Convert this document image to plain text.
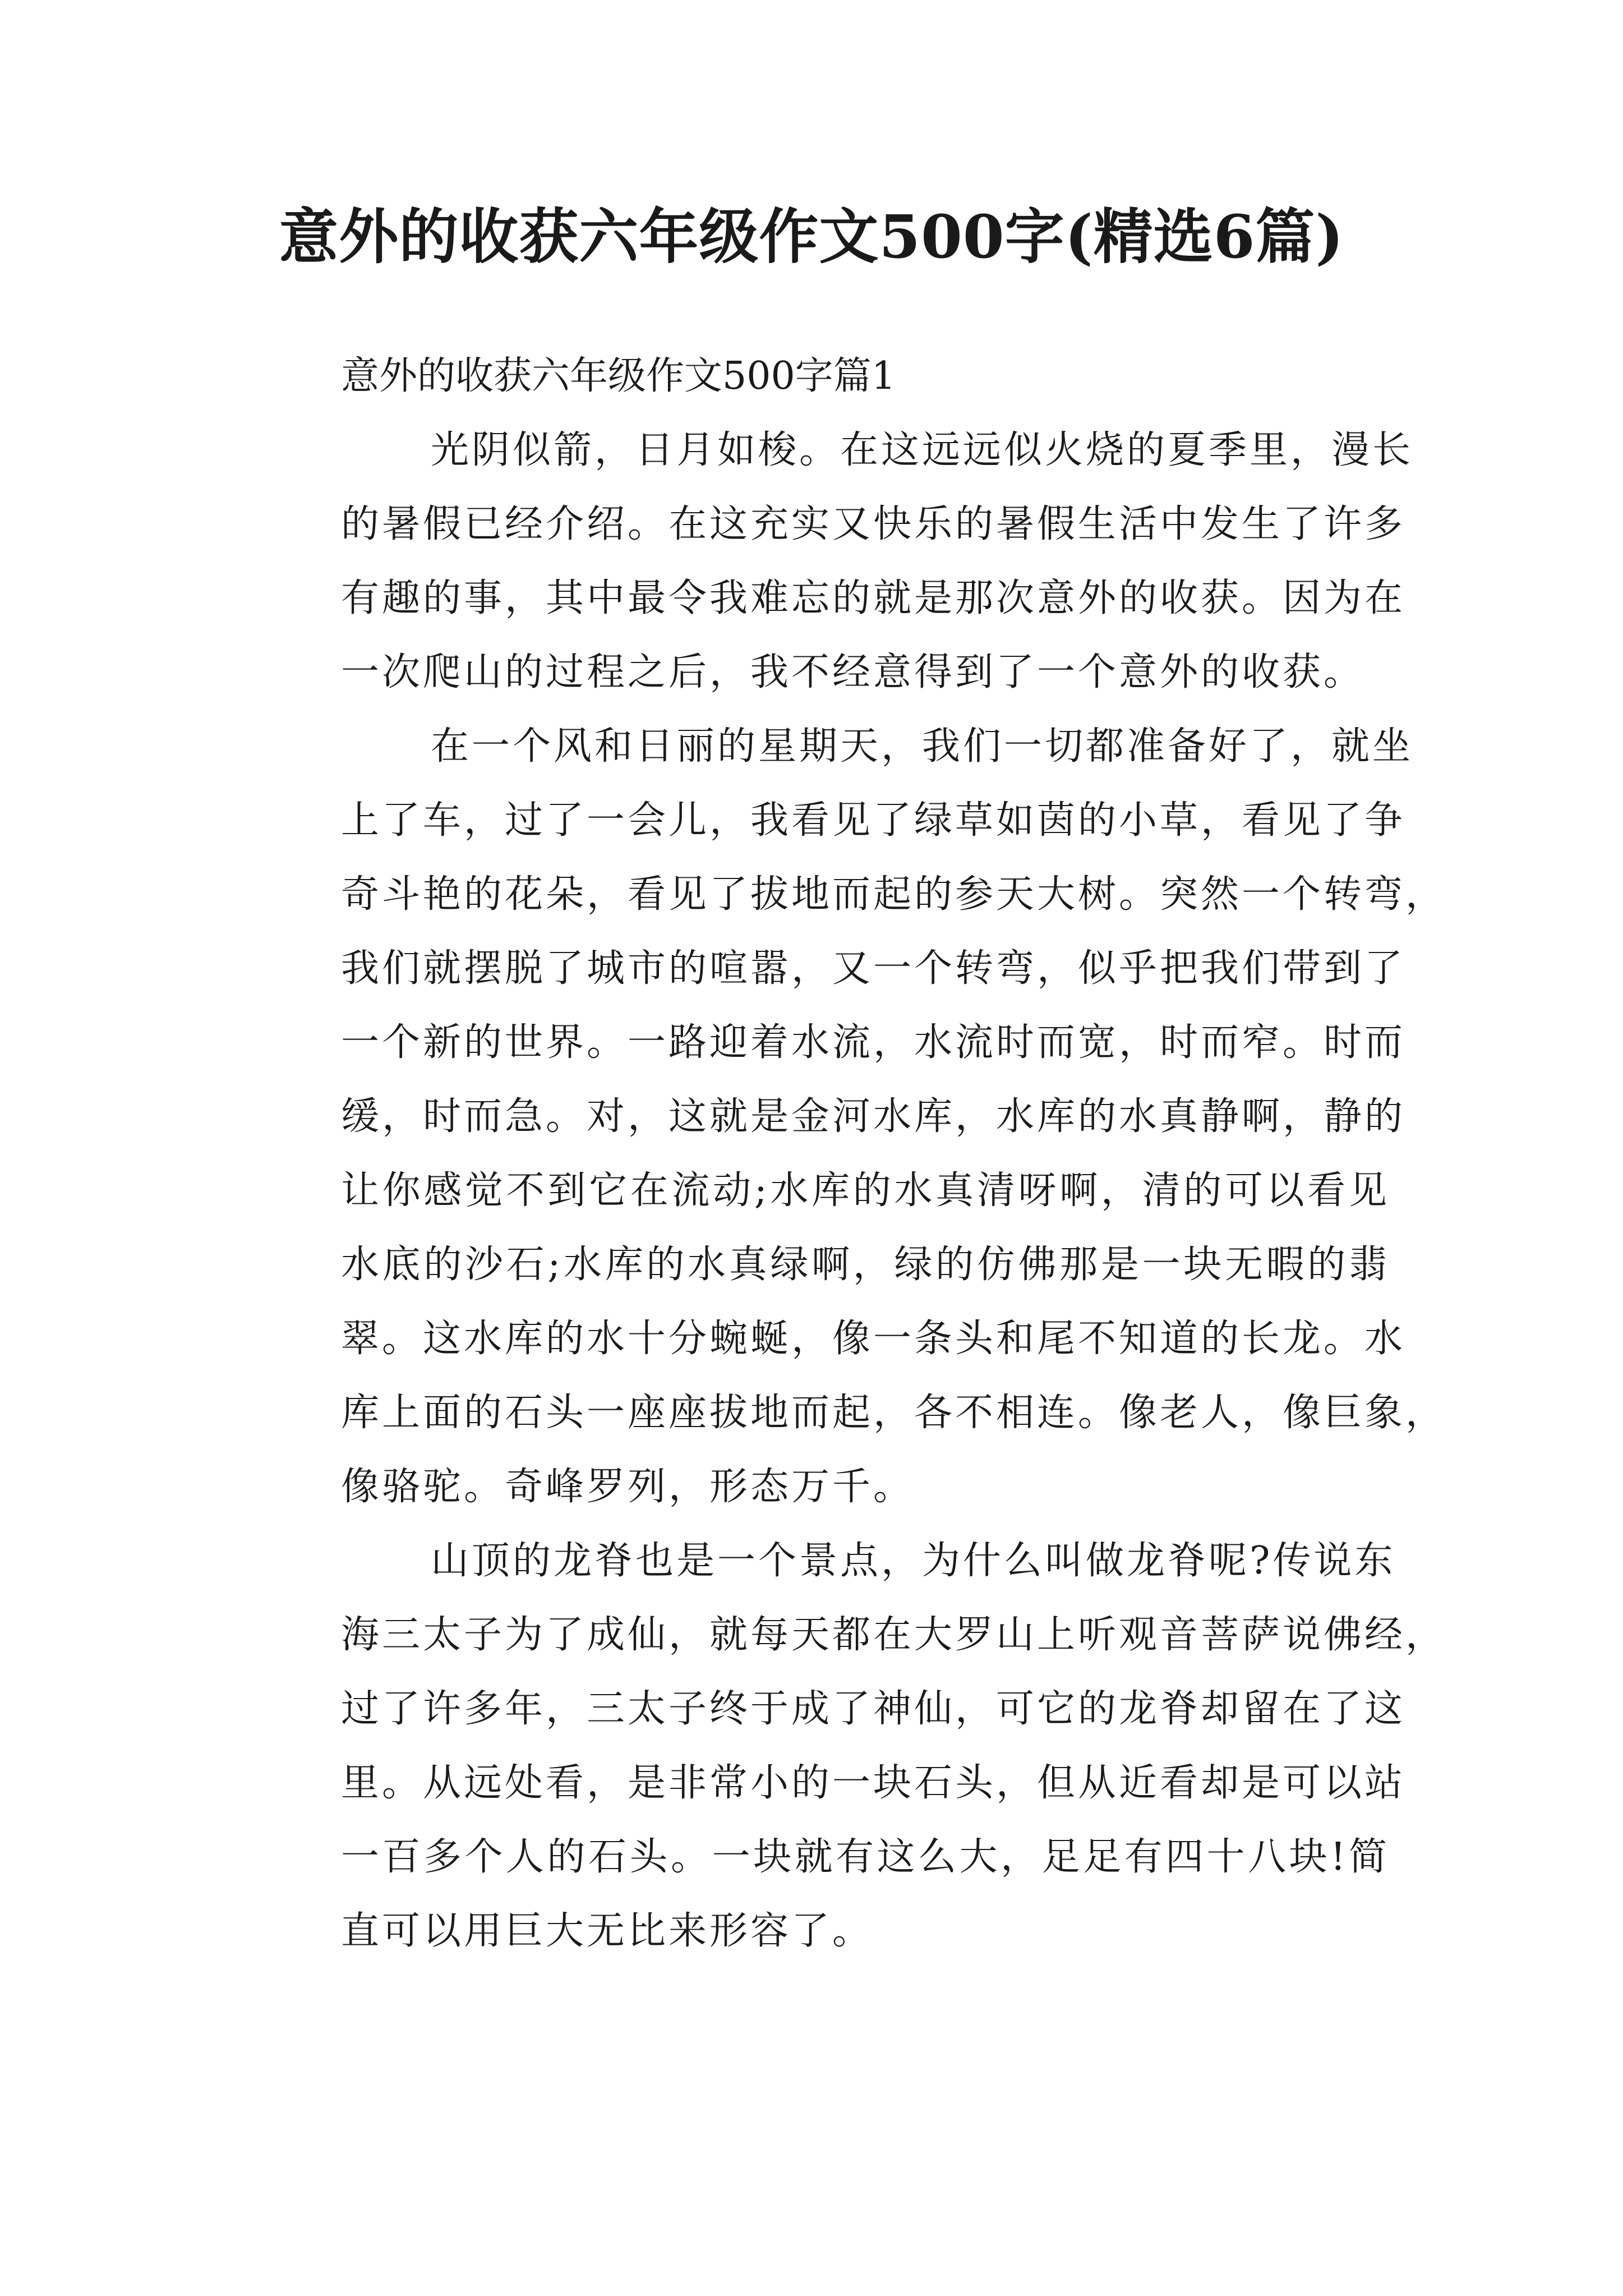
意外的收获六年级作文500字(精选6篇)
意外的收获六年级作文500字篇1
光阴似箭，日月如梭。在这远远似火烧的夏季里，漫长
的暑假已经介绍。在这充实又快乐的暑假生活中发生了许多
有趣的事，其中最令我难忘的就是那次意外的收获。因为在
一次爬山的过程之后，我不经意得到了一个意外的收获。
在一个风和日丽的星期天，我们一切都准备好了，就坐
上了车，过了一会儿，我看见了绿草如茵的小草，看见了争
奇斗艳的花朵，看见了拔地而起的参天大树。突然一个转弯，
我们就摆脱了城市的喧嚣，又一个转弯，似乎把我们带到了
一个新的世界。一路迎着水流，水流时而宽，时而窄。时而
缓，时而急。对，这就是金河水库，水库的水真静啊，静的
让你感觉不到它在流动;水库的水真清呀啊，清的可以看见
水底的沙石;水库的水真绿啊，绿的仿佛那是一块无暇的翡
翠。这水库的水十分蜿蜒，像一条头和尾不知道的长龙。水
库上面的石头一座座拔地而起，各不相连。像老人，像巨象，
像骆驼。奇峰罗列，形态万千。
山顶的龙脊也是一个景点，为什么叫做龙脊呢?传说东
海三太子为了成仙，就每天都在大罗山上听观音菩萨说佛经，
过了许多年，三太子终于成了神仙，可它的龙脊却留在了这
里。从远处看，是非常小的一块石头，但从近看却是可以站
一百多个人的石头。一块就有这么大，足足有四十八块!简
直可以用巨大无比来形容了。
